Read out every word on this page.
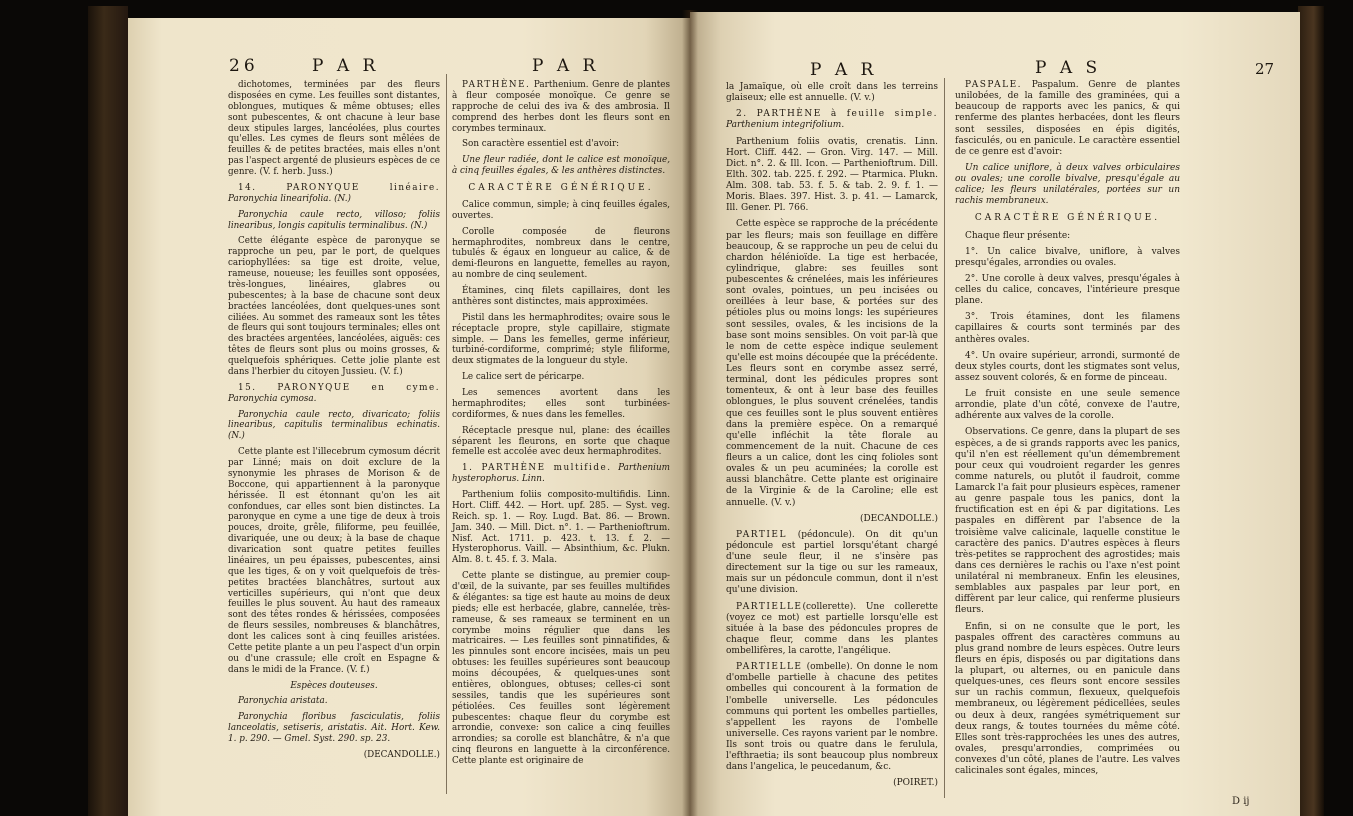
26	P A R	P A R

dichotomes, terminées par des fleurs disposées en cyme. Les feuilles sont distantes, oblongues, mutiques & même obtuses; elles sont pubescentes, & ont chacune à leur base deux stipules larges, lancéolées, plus courtes qu'elles. Les cymes de fleurs sont mêlées de feuilles & de petites bractées, mais elles n'ont pas l'aspect argenté de plusieurs espèces de ce genre. (V. f. herb. Juss.)

14. PARONYQUE linéaire. Paronychia linearifolia. (N.)

Paronychia caule recto, villoso; foliis linearibus, longis capitulis terminalibus. (N.)

Cette élégante espèce de paronyque se rapproche un peu, par le port, de quelques cariophyllées: sa tige est droite, velue, rameuse, noueuse; les feuilles sont opposées, très-longues, linéaires, glabres ou pubescentes; à la base de chacune sont deux bractées lancéolées, dont quelques-unes sont ciliées. Au sommet des rameaux sont les têtes de fleurs qui sont toujours terminales; elles ont des bractées argentées, lancéolées, aiguës: ces têtes de fleurs sont plus ou moins grosses, & quelquefois sphériques. Cette jolie plante est dans l'herbier du citoyen Jussieu. (V. f.)

15. PARONYQUE en cyme. Paronychia cymosa.

Paronychia caule recto, divaricato; foliis linearibus, capitulis terminalibus echinatis. (N.)

Cette plante est l'illecebrum cymosum décrit par Linné; mais on doit exclure de la synonymie les phrases de Morison & de Boccone, qui appartiennent à la paronyque hérissée. Il est étonnant qu'on les ait confondues, car elles sont bien distinctes. La paronyque en cyme a une tige de deux à trois pouces, droite, grêle, filiforme, peu feuillée, divariquée, une ou deux; à la base de chaque divarication sont quatre petites feuilles linéaires, un peu épaisses, pubescentes, ainsi que les tiges, & on y voit quelquefois de très-petites bractées blanchâtres, surtout aux verticilles supérieurs, qui n'ont que deux feuilles le plus souvent. Au haut des rameaux sont des têtes rondes & hérissées, composées de fleurs sessiles, nombreuses & blanchâtres, dont les calices sont à cinq feuilles aristées. Cette petite plante a un peu l'aspect d'un orpin ou d'une crassule; elle croît en Espagne & dans le midi de la France. (V. f.)

Espèces douteuses.

Paronychia aristata.

Paronychia floribus fasciculatis, foliis lanceolatis, setiseris, aristatis. Ait. Hort. Kew. 1. p. 290. — Gmel. Syst. 290. sp. 23.

(DECANDOLLE.)

PARTHÈNE. Parthenium. Genre de plantes à fleur composée monoïque. Ce genre se rapproche de celui des iva & des ambrosia. Il comprend des herbes dont les fleurs sont en corymbes terminaux.

Son caractère essentiel est d'avoir:

Une fleur radiée, dont le calice est monoïque, à cinq feuilles égales, & les anthères distinctes.

CARACTÈRE GÉNÉRIQUE.

Calice commun, simple; à cinq feuilles égales, ouvertes.

Corolle composée de fleurons hermaphrodites, nombreux dans le centre, tubulés & égaux en longueur au calice, & de demi-fleurons en languette, femelles au rayon, au nombre de cinq seulement.

Étamines, cinq filets capillaires, dont les anthères sont distinctes, mais approximées.

Pistil dans les hermaphrodites; ovaire sous le réceptacle propre, style capillaire, stigmate simple. — Dans les femelles, germe inférieur, turbiné-cordiforme, comprimé; style filiforme, deux stigmates de la longueur du style.

Le calice sert de péricarpe.

Les semences avortent dans les hermaphrodites; elles sont turbinées-cordiformes, & nues dans les femelles.

Réceptacle presque nul, plane: des écailles séparent les fleurons, en sorte que chaque femelle est accolée avec deux hermaphrodites.

1. PARTHÈNE multifide. Parthenium hysterophorus. Linn.

Parthenium foliis composito-multifidis. Linn. Hort. Cliff. 442. — Hort. upf. 285. — Syst. veg. Reich. sp. 1. — Roy. Lugd. Bat. 86. — Brown. Jam. 340. — Mill. Dict. n°. 1. — Parthenioftrum. Nisf. Act. 1711. p. 423. t. 13. f. 2. — Hysterophorus. Vaill. — Absinthium, &c. Plukn. Alm. 8. t. 45. f. 3. Mala.

Cette plante se distingue, au premier coup-d'œil, de la suivante, par ses feuilles multifides & élégantes: sa tige est haute au moins de deux pieds; elle est herbacée, glabre, cannelée, très-rameuse, & ses rameaux se terminent en un corymbe moins régulier que dans les matricaires. — Les feuilles sont pinnatifides, & les pinnules sont encore incisées, mais un peu obtuses: les feuilles supérieures sont beaucoup moins découpées, & quelques-unes sont entières, oblongues, obtuses; celles-ci sont sessiles, tandis que les supérieures sont pétiolées. Ces feuilles sont légèrement pubescentes: chaque fleur du corymbe est arrondie, convexe: son calice a cinq feuilles arrondies; sa corolle est blanchâtre, & n'a que cinq fleurons en languette à la circonférence. Cette plante est originaire de

P A R	P A S	27

la Jamaïque, où elle croît dans les terreins glaiseux; elle est annuelle. (V. v.)

2. PARTHÈNE à feuille simple. Parthenium integrifolium.

Parthenium foliis ovatis, crenatis. Linn. Hort. Cliff. 442. — Gron. Virg. 147. — Mill. Dict. n°. 2. & Ill. Icon. — Parthenioftrum. Dill. Elth. 302. tab. 225. f. 292. — Ptarmica. Plukn. Alm. 308. tab. 53. f. 5. & tab. 2. 9. f. 1. — Moris. Blaes. 397. Hist. 3. p. 41. — Lamarck, Ill. Gener. Pl. 766.

Cette espèce se rapproche de la précédente par les fleurs; mais son feuillage en diffère beaucoup, & se rapproche un peu de celui du chardon hélénioïde. La tige est herbacée, cylindrique, glabre: ses feuilles sont pubescentes & crénelées, mais les inférieures sont ovales, pointues, un peu incisées ou oreillées à leur base, & portées sur des pétioles plus ou moins longs: les supérieures sont sessiles, ovales, & les incisions de la base sont moins sensibles. On voit par-là que le nom de cette espèce indique seulement qu'elle est moins découpée que la précédente. Les fleurs sont en corymbe assez serré, terminal, dont les pédicules propres sont tomenteux, & ont à leur base des feuilles oblongues, le plus souvent crénelées, tandis que ces feuilles sont le plus souvent entières dans la première espèce. On a remarqué qu'elle infléchit la tête florale au commencement de la nuit. Chacune de ces fleurs a un calice, dont les cinq folioles sont ovales & un peu acuminées; la corolle est aussi blanchâtre. Cette plante est originaire de la Virginie & de la Caroline; elle est annuelle. (V. v.)

(DECANDOLLE.)

PARTIEL (pédoncule). On dit qu'un pédoncule est partiel lorsqu'étant chargé d'une seule fleur, il ne s'insère pas directement sur la tige ou sur les rameaux, mais sur un pédoncule commun, dont il n'est qu'une division.

PARTIELLE(collerette). Une collerette (voyez ce mot) est partielle lorsqu'elle est située à la base des pédoncules propres de chaque fleur, comme dans les plantes ombellifères, la carotte, l'angélique.

PARTIELLE (ombelle). On donne le nom d'ombelle partielle à chacune des petites ombelles qui concourent à la formation de l'ombelle universelle. Les pédoncules communs qui portent les ombelles partielles, s'appellent les rayons de l'ombelle universelle. Ces rayons varient par le nombre. Ils sont trois ou quatre dans le ferulula, l'efthraetia; ils sont beaucoup plus nombreux dans l'angelica, le peucedanum, &c.

(POIRET.)

PASPALE. Paspalum. Genre de plantes unilobées, de la famille des graminées, qui a beaucoup de rapports avec les panics, & qui renferme des plantes herbacées, dont les fleurs sont sessiles, disposées en épis digités, fasciculés, ou en panicule. Le caractère essentiel de ce genre est d'avoir:

Un calice uniflore, à deux valves orbiculaires ou ovales; une corolle bivalve, presqu'égale au calice; les fleurs unilatérales, portées sur un rachis membraneux.

CARACTÈRE GÉNÉRIQUE.

Chaque fleur présente:

1°. Un calice bivalve, uniflore, à valves presqu'égales, arrondies ou ovales.

2°. Une corolle à deux valves, presqu'égales à celles du calice, concaves, l'intérieure presque plane.

3°. Trois étamines, dont les filamens capillaires & courts sont terminés par des anthères ovales.

4°. Un ovaire supérieur, arrondi, surmonté de deux styles courts, dont les stigmates sont velus, assez souvent colorés, & en forme de pinceau.

Le fruit consiste en une seule semence arrondie, plate d'un côté, convexe de l'autre, adhérente aux valves de la corolle.

Observations. Ce genre, dans la plupart de ses espèces, a de si grands rapports avec les panics, qu'il n'en est réellement qu'un démembrement pour ceux qui voudroient regarder les genres comme naturels, ou plutôt il faudroit, comme Lamarck l'a fait pour plusieurs espèces, ramener au genre paspale tous les panics, dont la fructification est en épi & par digitations. Les paspales en diffèrent par l'absence de la troisième valve calicinale, laquelle constitue le caractère des panics. D'autres espèces à fleurs très-petites se rapprochent des agrostides; mais dans ces dernières le rachis ou l'axe n'est point unilatéral ni membraneux. Enfin les eleusines, semblables aux paspales par leur port, en diffèrent par leur calice, qui renferme plusieurs fleurs.

Enfin, si on ne consulte que le port, les paspales offrent des caractères communs au plus grand nombre de leurs espèces. Outre leurs fleurs en épis, disposés ou par digitations dans la plupart, ou alternes, ou en panicule dans quelques-unes, ces fleurs sont encore sessiles sur un rachis commun, flexueux, quelquefois membraneux, ou légèrement pédicellées, seules ou deux à deux, rangées symétriquement sur deux rangs, & toutes tournées du même côté. Elles sont très-rapprochées les unes des autres, ovales, presqu'arrondies, comprimées ou convexes d'un côté, planes de l'autre. Les valves calicinales sont égales, minces,

D ij
